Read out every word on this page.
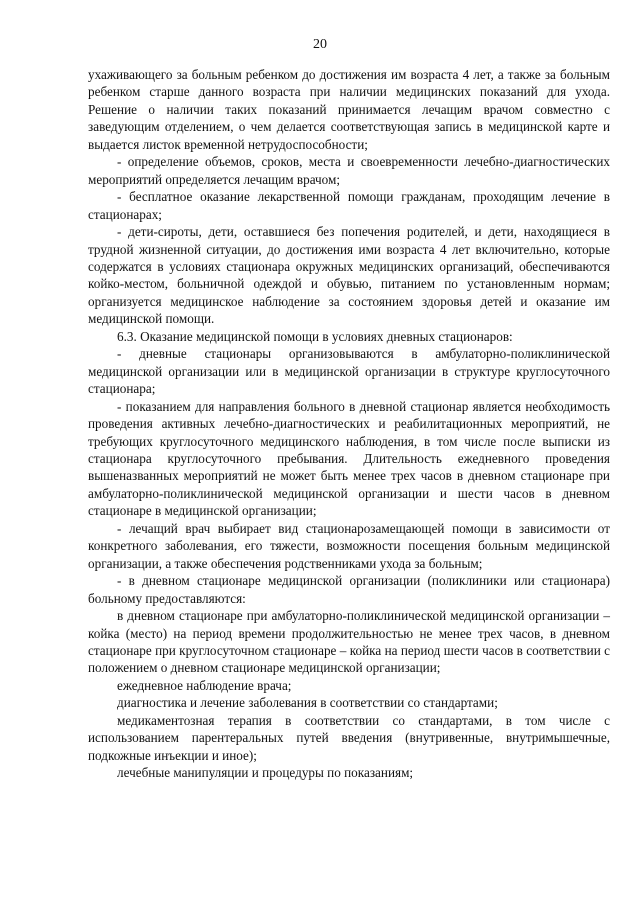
20

ухаживающего за больным ребенком до достижения им возраста 4 лет, а также за больным ребенком старше данного возраста при наличии медицинских показаний для ухода. Решение о наличии таких показаний принимается лечащим врачом совместно с заведующим отделением, о чем делается соответствующая запись в медицинской карте и выдается листок временной нетрудоспособности;

- определение объемов, сроков, места и своевременности лечебно-диагностических мероприятий определяется лечащим врачом;

- бесплатное оказание лекарственной помощи гражданам, проходящим лечение в стационарах;

- дети-сироты, дети, оставшиеся без попечения родителей, и дети, находящиеся в трудной жизненной ситуации, до достижения ими возраста 4 лет включительно, которые содержатся в условиях стационара окружных медицинских организаций, обеспечиваются койко-местом, больничной одеждой и обувью, питанием по установленным нормам; организуется медицинское наблюдение за состоянием здоровья детей и оказание им медицинской помощи.

6.3. Оказание медицинской помощи в условиях дневных стационаров:

- дневные стационары организовываются в амбулаторно-поликлинической медицинской организации или в медицинской организации в структуре круглосуточного стационара;

- показанием для направления больного в дневной стационар является необходимость проведения активных лечебно-диагностических и реабилитационных мероприятий, не требующих круглосуточного медицинского наблюдения, в том числе после выписки из стационара круглосуточного пребывания. Длительность ежедневного проведения вышеназванных мероприятий не может быть менее трех часов в дневном стационаре при амбулаторно-поликлинической медицинской организации и шести часов в дневном стационаре в медицинской организации;

- лечащий врач выбирает вид стационарозамещающей помощи в зависимости от конкретного заболевания, его тяжести, возможности посещения больным медицинской организации, а также обеспечения родственниками ухода за больным;

- в дневном стационаре медицинской организации (поликлиники или стационара) больному предоставляются:

в дневном стационаре при амбулаторно-поликлинической медицинской организации – койка (место) на период времени продолжительностью не менее трех часов, в дневном стационаре при круглосуточном стационаре – койка на период шести часов в соответствии с положением о дневном стационаре медицинской организации;

ежедневное наблюдение врача;

диагностика и лечение заболевания в соответствии со стандартами;

медикаментозная терапия в соответствии со стандартами, в том числе с использованием парентеральных путей введения (внутривенные, внутримышечные, подкожные инъекции и иное);

лечебные манипуляции и процедуры по показаниям;
